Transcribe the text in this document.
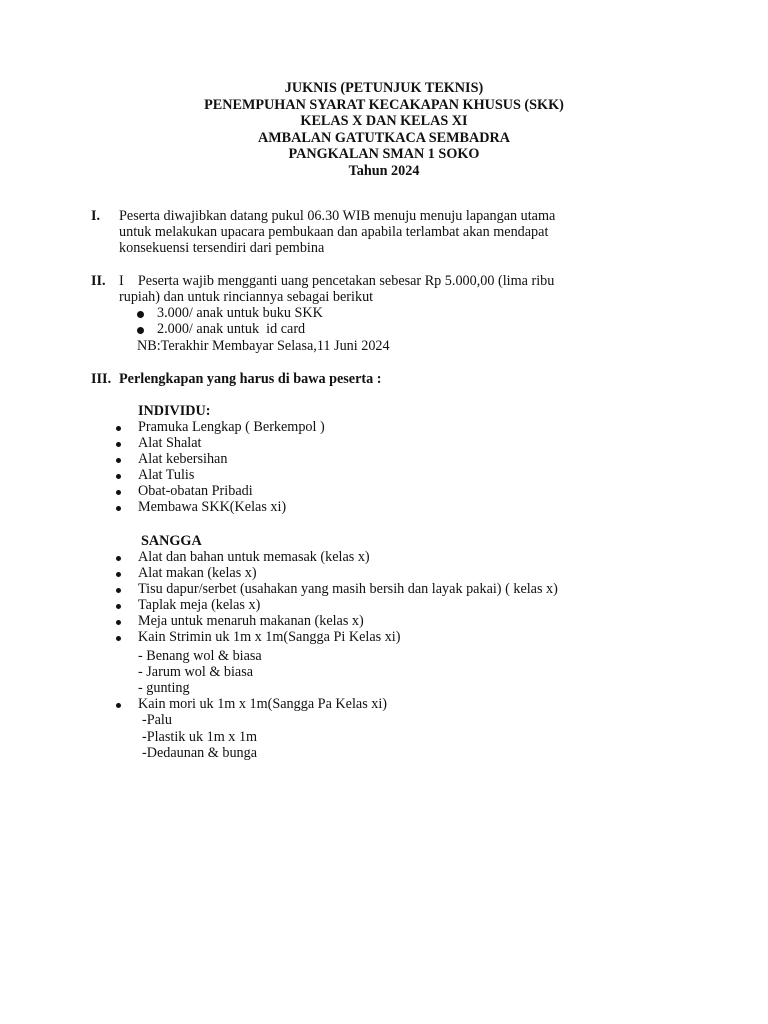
JUKNIS (PETUNJUK TEKNIS)
PENEMPUHAN SYARAT KECAKAPAN KHUSUS (SKK)
KELAS X DAN KELAS XI
AMBALAN GATUTKACA SEMBADRA
PANGKALAN SMAN 1 SOKO
Tahun 2024
I. Peserta diwajibkan datang pukul 06.30 WIB menuju menuju lapangan utama
untuk melakukan upacara pembukaan dan apabila terlambat akan mendapat
konsekuensi tersendiri dari pembina
II. I    Peserta wajib mengganti uang pencetakan sebesar Rp 5.000,00 (lima ribu
rupiah) dan untuk rinciannya sebagai berikut
3.000/ anak untuk buku SKK
2.000/ anak untuk  id card
NB:Terakhir Membayar Selasa,11 Juni 2024
III. Perlengkapan yang harus di bawa peserta :
INDIVIDU:
Pramuka Lengkap ( Berkempol )
Alat Shalat
Alat kebersihan
Alat Tulis
Obat-obatan Pribadi
Membawa SKK(Kelas xi)
SANGGA
Alat dan bahan untuk memasak (kelas x)
Alat makan (kelas x)
Tisu dapur/serbet (usahakan yang masih bersih dan layak pakai) ( kelas x)
Taplak meja (kelas x)
Meja untuk menaruh makanan (kelas x)
Kain Strimin uk 1m x 1m(Sangga Pi Kelas xi)
- Benang wol & biasa
- Jarum wol & biasa
- gunting
Kain mori uk 1m x 1m(Sangga Pa Kelas xi)
-Palu
-Plastik uk 1m x 1m
-Dedaunan & bunga
